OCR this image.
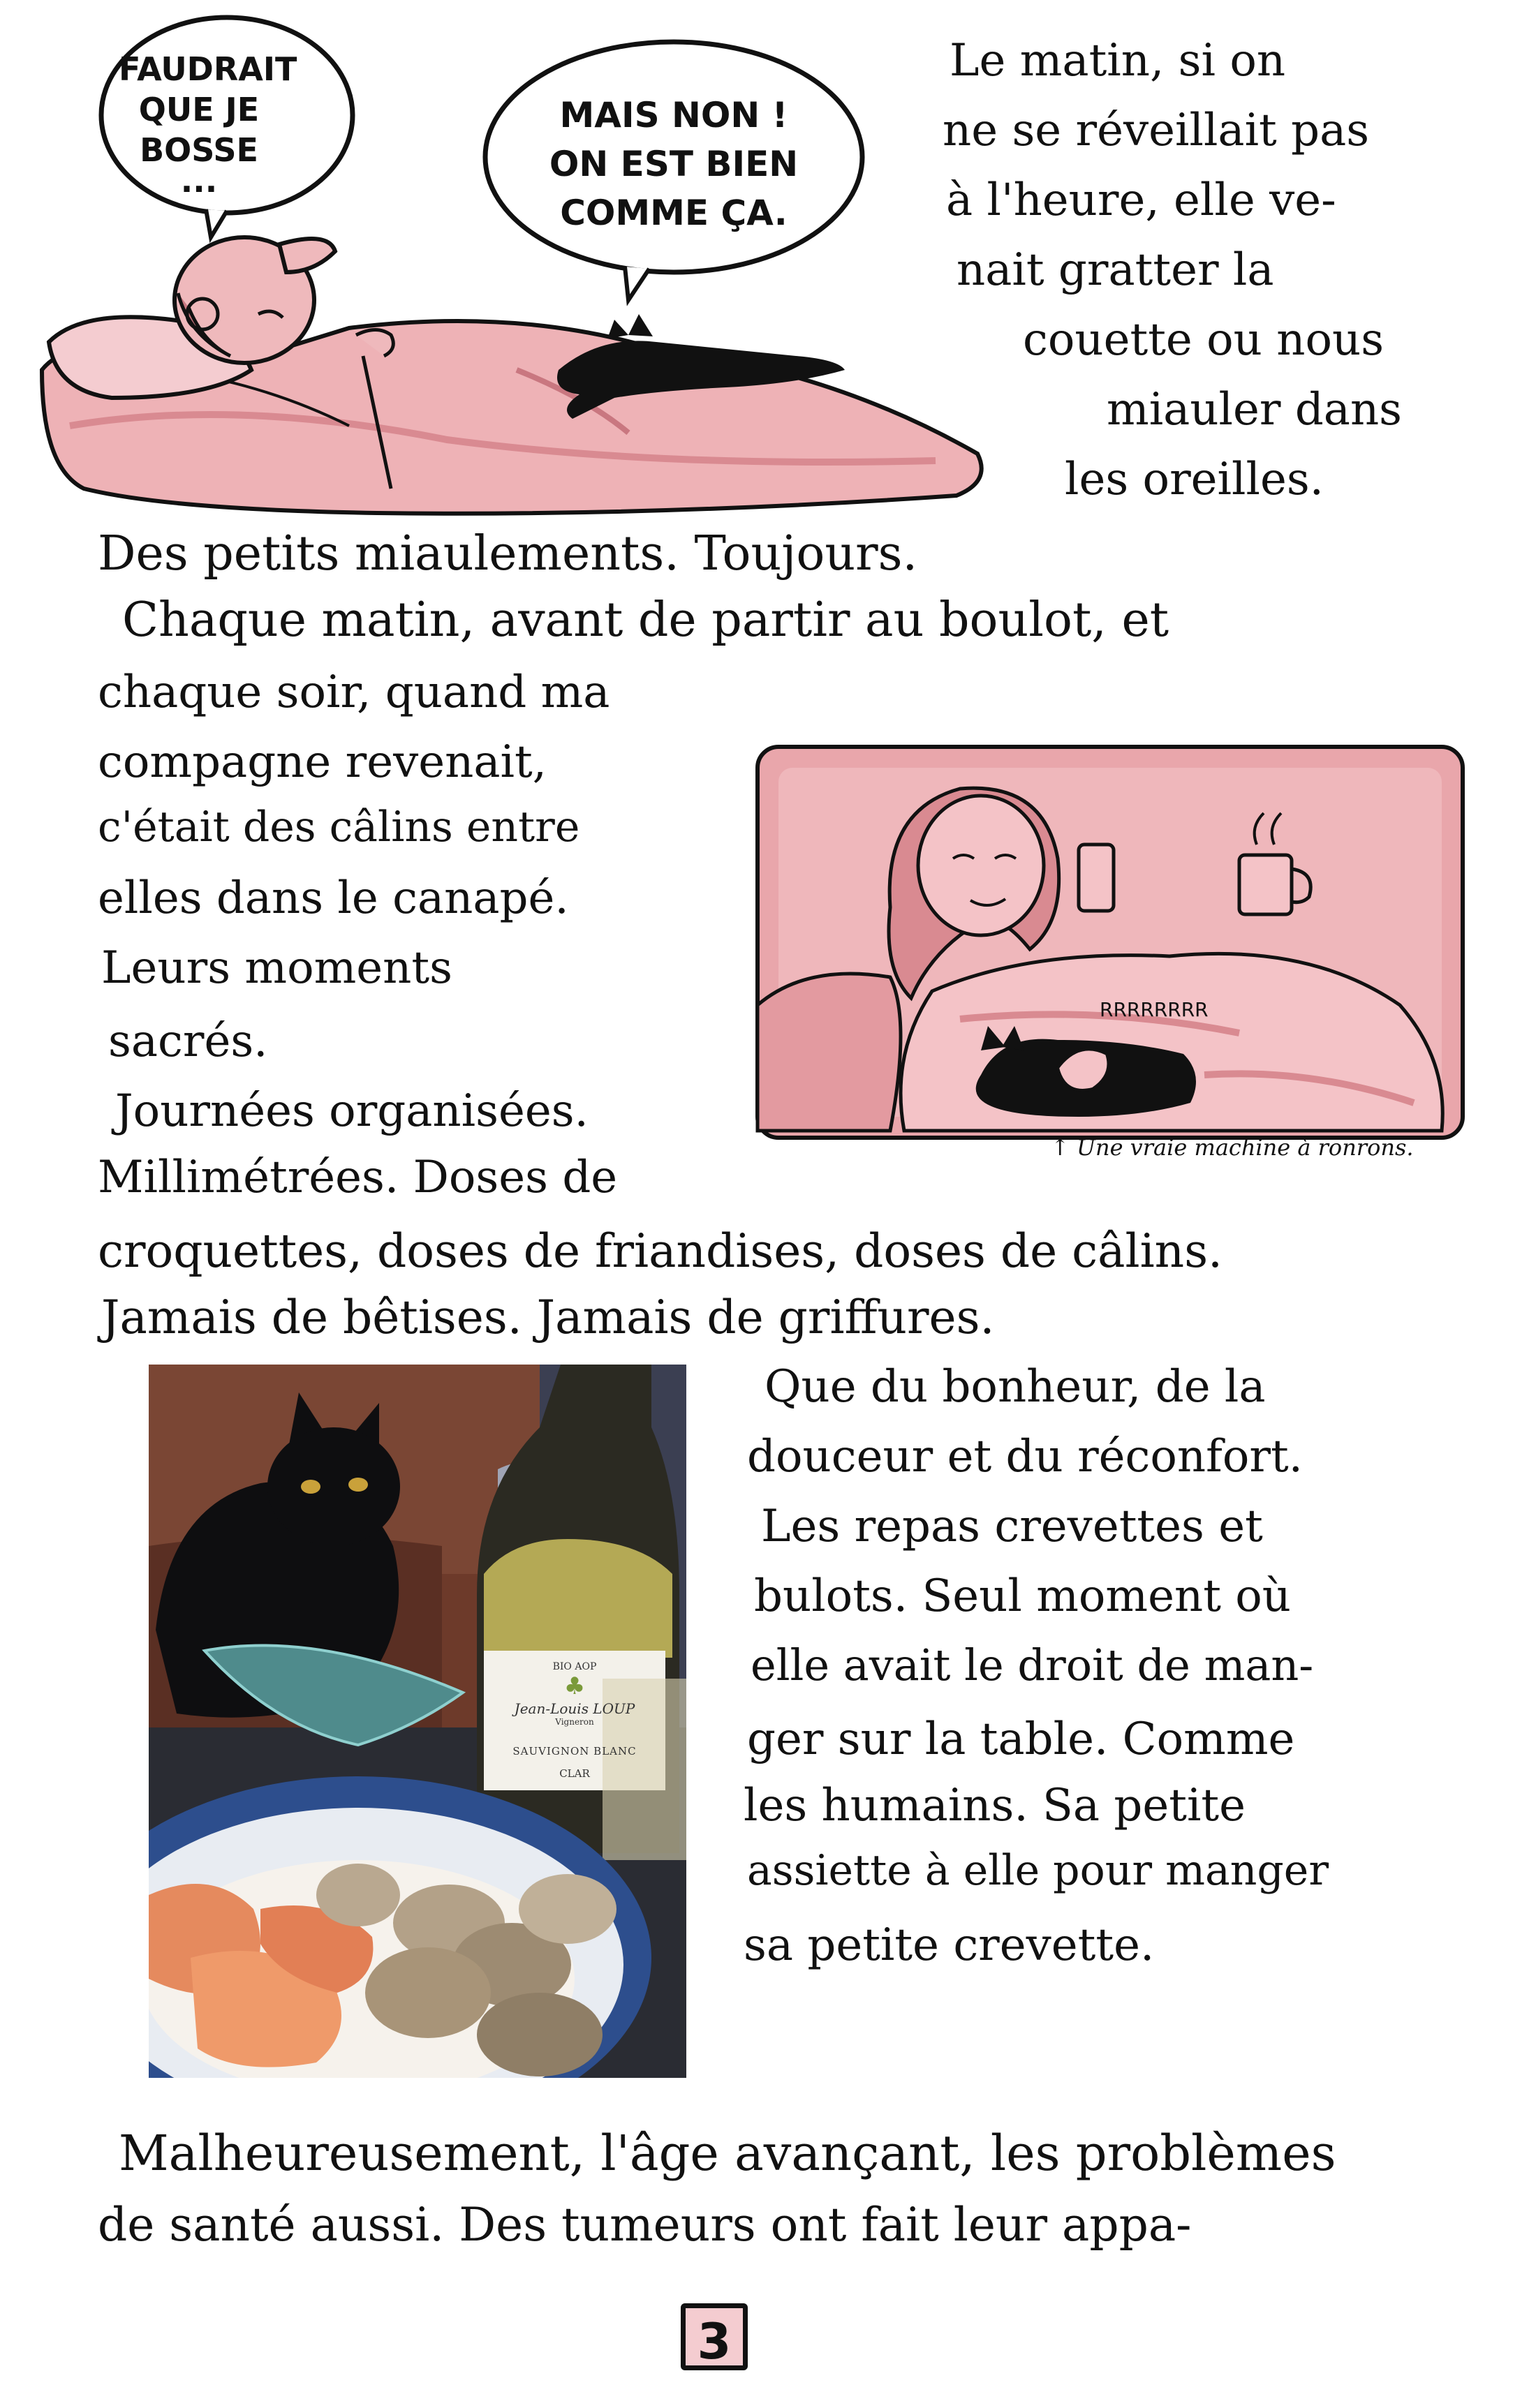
FAUDRAIT
QUE JE
BOSSE
...
MAIS NON !
ON EST BIEN
COMME ÇA.
Le matin, si on
ne se réveillait pas
à l'heure, elle ve-
nait gratter la
couette ou nous
miauler dans
les oreilles.
Des petits miaulements. Toujours.
Chaque matin, avant de partir au boulot, et
chaque soir, quand ma
compagne revenait,
c'était des câlins entre
elles dans le canapé.
Leurs moments
sacrés.
Journées organisées.
Millimétrées. Doses de
RRRRRRRR
↑ Une vraie machine à ronrons.
croquettes, doses de friandises, doses de câlins.
Jamais de bêtises. Jamais de griffures.
BIO AOP
♣
Jean-Louis LOUP
Vigneron
SAUVIGNON BLANC
CLAR
Que du bonheur, de la
douceur et du réconfort.
Les repas crevettes et
bulots. Seul moment où
elle avait le droit de man-
ger sur la table. Comme
les humains. Sa petite
assiette à elle pour manger
sa petite crevette.
Malheureusement, l'âge avançant, les problèmes
de santé aussi. Des tumeurs ont fait leur appa-
3
